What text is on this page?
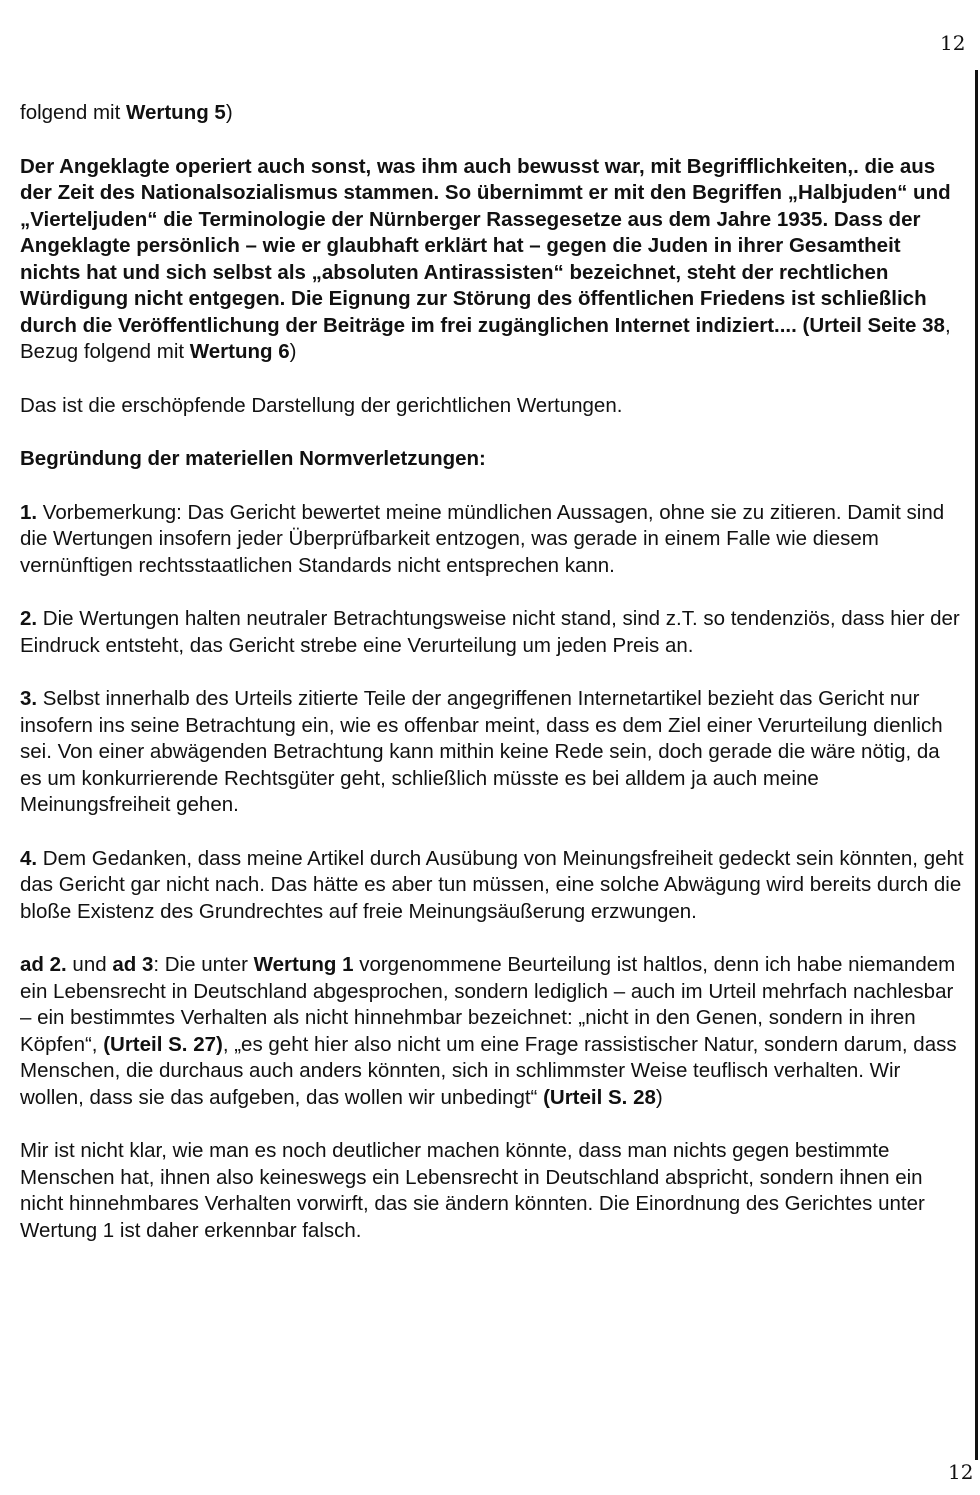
12

folgend mit Wertung 5)

Der Angeklagte operiert auch sonst, was ihm auch bewusst war, mit Begrifflichkeiten,. die aus der Zeit des Nationalsozialismus stammen. So übernimmt er mit den Begriffen „Halbjuden“ und „Vierteljuden“ die Terminologie der Nürnberger Rassegesetze aus dem Jahre 1935. Dass der Angeklagte persönlich – wie er glaubhaft erklärt hat – gegen die Juden in ihrer Gesamtheit nichts hat und sich selbst als „absoluten Antirassisten“ bezeichnet, steht der rechtlichen Würdigung nicht entgegen. Die Eignung zur Störung des öffentlichen Friedens ist schließlich durch die Veröffentlichung der Beiträge im frei zugänglichen Internet indiziert.... (Urteil Seite 38, Bezug folgend mit Wertung 6)

Das ist die erschöpfende Darstellung der gerichtlichen Wertungen.

Begründung der materiellen Normverletzungen:

1. Vorbemerkung: Das Gericht bewertet meine mündlichen Aussagen, ohne sie zu zitieren. Damit sind die Wertungen insofern jeder Überprüfbarkeit entzogen, was gerade in einem Falle wie diesem vernünftigen rechtsstaatlichen Standards nicht entsprechen kann.

2. Die Wertungen halten neutraler Betrachtungsweise nicht stand, sind z.T. so tendenziös, dass hier der Eindruck entsteht, das Gericht strebe eine Verurteilung um jeden Preis an.

3. Selbst innerhalb des Urteils zitierte Teile der angegriffenen Internetartikel bezieht das Gericht nur insofern ins seine Betrachtung ein, wie es offenbar meint, dass es dem Ziel einer Verurteilung dienlich sei. Von einer abwägenden Betrachtung kann mithin keine Rede sein, doch gerade die wäre nötig, da es um konkurrierende Rechtsgüter geht, schließlich müsste es bei alldem ja auch meine Meinungsfreiheit gehen.

4. Dem Gedanken, dass meine Artikel durch Ausübung von Meinungsfreiheit gedeckt sein könnten, geht das Gericht gar nicht nach. Das hätte es aber tun müssen, eine solche Abwägung wird bereits durch die bloße Existenz des Grundrechtes auf freie Meinungsäußerung erzwungen.

ad 2. und ad 3: Die unter Wertung 1 vorgenommene Beurteilung ist haltlos, denn ich habe niemandem ein Lebensrecht in Deutschland abgesprochen, sondern lediglich – auch im Urteil mehrfach nachlesbar – ein bestimmtes Verhalten als nicht hinnehmbar bezeichnet: „nicht in den Genen, sondern in ihren Köpfen“, (Urteil S. 27), „es geht hier also nicht um eine Frage rassistischer Natur, sondern darum, dass Menschen, die durchaus auch anders könnten, sich in schlimmster Weise teuflisch verhalten. Wir wollen, dass sie das aufgeben, das wollen wir unbedingt“ (Urteil S. 28)

Mir ist nicht klar, wie man es noch deutlicher machen könnte, dass man nichts gegen bestimmte Menschen hat, ihnen also keineswegs ein Lebensrecht in Deutschland abspricht, sondern ihnen ein nicht hinnehmbares Verhalten vorwirft, das sie ändern könnten. Die Einordnung des Gerichtes unter Wertung 1 ist daher erkennbar falsch.

12
